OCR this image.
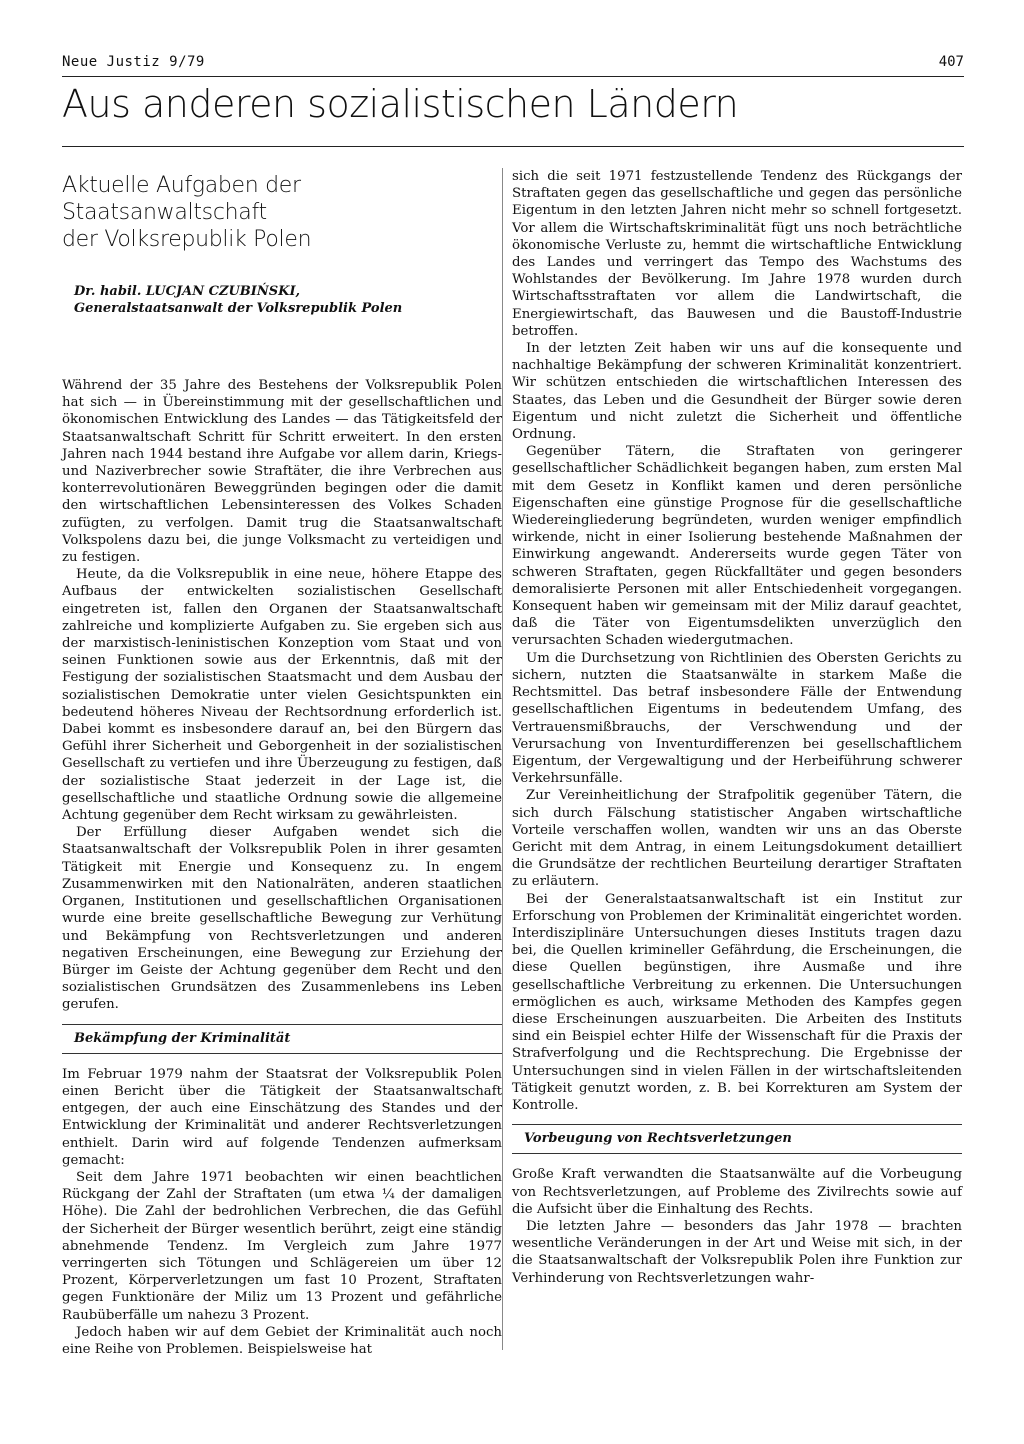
Neue Justiz 9/79	407
Aus anderen sozialistischen Ländern
Aktuelle Aufgaben der Staatsanwaltschaft
der Volksrepublik Polen
Dr. habil. LUCJAN CZUBIŃSKI,
Generalstaatsanwalt der Volksrepublik Polen

Während der 35 Jahre des Bestehens der Volksrepublik Polen hat sich — in Übereinstimmung mit der gesellschaftlichen und ökonomischen Entwicklung des Landes — das Tätigkeitsfeld der Staatsanwaltschaft Schritt für Schritt erweitert. In den ersten Jahren nach 1944 bestand ihre Aufgabe vor allem darin, Kriegs- und Naziverbrecher sowie Straftäter, die ihre Verbrechen aus konterrevolutionären Beweggründen begingen oder die damit den wirtschaftlichen Lebensinteressen des Volkes Schaden zufügten, zu verfolgen. Damit trug die Staatsanwaltschaft Volkspolens dazu bei, die junge Volksmacht zu verteidigen und zu festigen.

Heute, da die Volksrepublik in eine neue, höhere Etappe des Aufbaus der entwickelten sozialistischen Gesellschaft eingetreten ist, fallen den Organen der Staatsanwaltschaft zahlreiche und komplizierte Aufgaben zu. Sie ergeben sich aus der marxistisch-leninistischen Konzeption vom Staat und von seinen Funktionen sowie aus der Erkenntnis, daß mit der Festigung der sozialistischen Staatsmacht und dem Ausbau der sozialistischen Demokratie unter vielen Gesichtspunkten ein bedeutend höheres Niveau der Rechtsordnung erforderlich ist. Dabei kommt es insbesondere darauf an, bei den Bürgern das Gefühl ihrer Sicherheit und Geborgenheit in der sozialistischen Gesellschaft zu vertiefen und ihre Überzeugung zu festigen, daß der sozialistische Staat jederzeit in der Lage ist, die gesellschaftliche und staatliche Ordnung sowie die allgemeine Achtung gegenüber dem Recht wirksam zu gewährleisten.

Der Erfüllung dieser Aufgaben wendet sich die Staatsanwaltschaft der Volksrepublik Polen in ihrer gesamten Tätigkeit mit Energie und Konsequenz zu. In engem Zusammenwirken mit den Nationalräten, anderen staatlichen Organen, Institutionen und gesellschaftlichen Organisationen wurde eine breite gesellschaftliche Bewegung zur Verhütung und Bekämpfung von Rechtsverletzungen und anderen negativen Erscheinungen, eine Bewegung zur Erziehung der Bürger im Geiste der Achtung gegenüber dem Recht und den sozialistischen Grundsätzen des Zusammenlebens ins Leben gerufen.

Bekämpfung der Kriminalität

Im Februar 1979 nahm der Staatsrat der Volksrepublik Polen einen Bericht über die Tätigkeit der Staatsanwaltschaft entgegen, der auch eine Einschätzung des Standes und der Entwicklung der Kriminalität und anderer Rechtsverletzungen enthielt. Darin wird auf folgende Tendenzen aufmerksam gemacht:

Seit dem Jahre 1971 beobachten wir einen beachtlichen Rückgang der Zahl der Straftaten (um etwa ¼ der damaligen Höhe). Die Zahl der bedrohlichen Verbrechen, die das Gefühl der Sicherheit der Bürger wesentlich berührt, zeigt eine ständig abnehmende Tendenz. Im Vergleich zum Jahre 1977 verringerten sich Tötungen und Schlägereien um über 12 Prozent, Körperverletzungen um fast 10 Prozent, Straftaten gegen Funktionäre der Miliz um 13 Prozent und gefährliche Raubüberfälle um nahezu 3 Prozent.

Jedoch haben wir auf dem Gebiet der Kriminalität auch noch eine Reihe von Problemen. Beispielsweise hat

sich die seit 1971 festzustellende Tendenz des Rückgangs der Straftaten gegen das gesellschaftliche und gegen das persönliche Eigentum in den letzten Jahren nicht mehr so schnell fortgesetzt. Vor allem die Wirtschaftskriminalität fügt uns noch beträchtliche ökonomische Verluste zu, hemmt die wirtschaftliche Entwicklung des Landes und verringert das Tempo des Wachstums des Wohlstandes der Bevölkerung. Im Jahre 1978 wurden durch Wirtschaftsstraftaten vor allem die Landwirtschaft, die Energiewirtschaft, das Bauwesen und die Baustoff-Industrie betroffen.

In der letzten Zeit haben wir uns auf die konsequente und nachhaltige Bekämpfung der schweren Kriminalität konzentriert. Wir schützen entschieden die wirtschaftlichen Interessen des Staates, das Leben und die Gesundheit der Bürger sowie deren Eigentum und nicht zuletzt die Sicherheit und öffentliche Ordnung.

Gegenüber Tätern, die Straftaten von geringerer gesellschaftlicher Schädlichkeit begangen haben, zum ersten Mal mit dem Gesetz in Konflikt kamen und deren persönliche Eigenschaften eine günstige Prognose für die gesellschaftliche Wiedereingliederung begründeten, wurden weniger empfindlich wirkende, nicht in einer Isolierung bestehende Maßnahmen der Einwirkung angewandt. Andererseits wurde gegen Täter von schweren Straftaten, gegen Rückfalltäter und gegen besonders demoralisierte Personen mit aller Entschiedenheit vorgegangen. Konsequent haben wir gemeinsam mit der Miliz darauf geachtet, daß die Täter von Eigentumsdelikten unverzüglich den verursachten Schaden wiedergutmachen.

Um die Durchsetzung von Richtlinien des Obersten Gerichts zu sichern, nutzten die Staatsanwälte in starkem Maße die Rechtsmittel. Das betraf insbesondere Fälle der Entwendung gesellschaftlichen Eigentums in bedeutendem Umfang, des Vertrauensmißbrauchs, der Verschwendung und der Verursachung von Inventurdifferenzen bei gesellschaftlichem Eigentum, der Vergewaltigung und der Herbeiführung schwerer Verkehrsunfälle.

Zur Vereinheitlichung der Strafpolitik gegenüber Tätern, die sich durch Fälschung statistischer Angaben wirtschaftliche Vorteile verschaffen wollen, wandten wir uns an das Oberste Gericht mit dem Antrag, in einem Leitungsdokument detailliert die Grundsätze der rechtlichen Beurteilung derartiger Straftaten zu erläutern.

Bei der Generalstaatsanwaltschaft ist ein Institut zur Erforschung von Problemen der Kriminalität eingerichtet worden. Interdisziplinäre Untersuchungen dieses Instituts tragen dazu bei, die Quellen krimineller Gefährdung, die Erscheinungen, die diese Quellen begünstigen, ihre Ausmaße und ihre gesellschaftliche Verbreitung zu erkennen. Die Untersuchungen ermöglichen es auch, wirksame Methoden des Kampfes gegen diese Erscheinungen auszuarbeiten. Die Arbeiten des Instituts sind ein Beispiel echter Hilfe der Wissenschaft für die Praxis der Strafverfolgung und die Rechtsprechung. Die Ergebnisse der Untersuchungen sind in vielen Fällen in der wirtschaftsleitenden Tätigkeit genutzt worden, z. B. bei Korrekturen am System der Kontrolle.

Vorbeugung von Rechtsverletzungen

Große Kraft verwandten die Staatsanwälte auf die Vorbeugung von Rechtsverletzungen, auf Probleme des Zivilrechts sowie auf die Aufsicht über die Einhaltung des Rechts.

Die letzten Jahre — besonders das Jahr 1978 — brachten wesentliche Veränderungen in der Art und Weise mit sich, in der die Staatsanwaltschaft der Volksrepublik Polen ihre Funktion zur Verhinderung von Rechtsverletzungen wahr-
